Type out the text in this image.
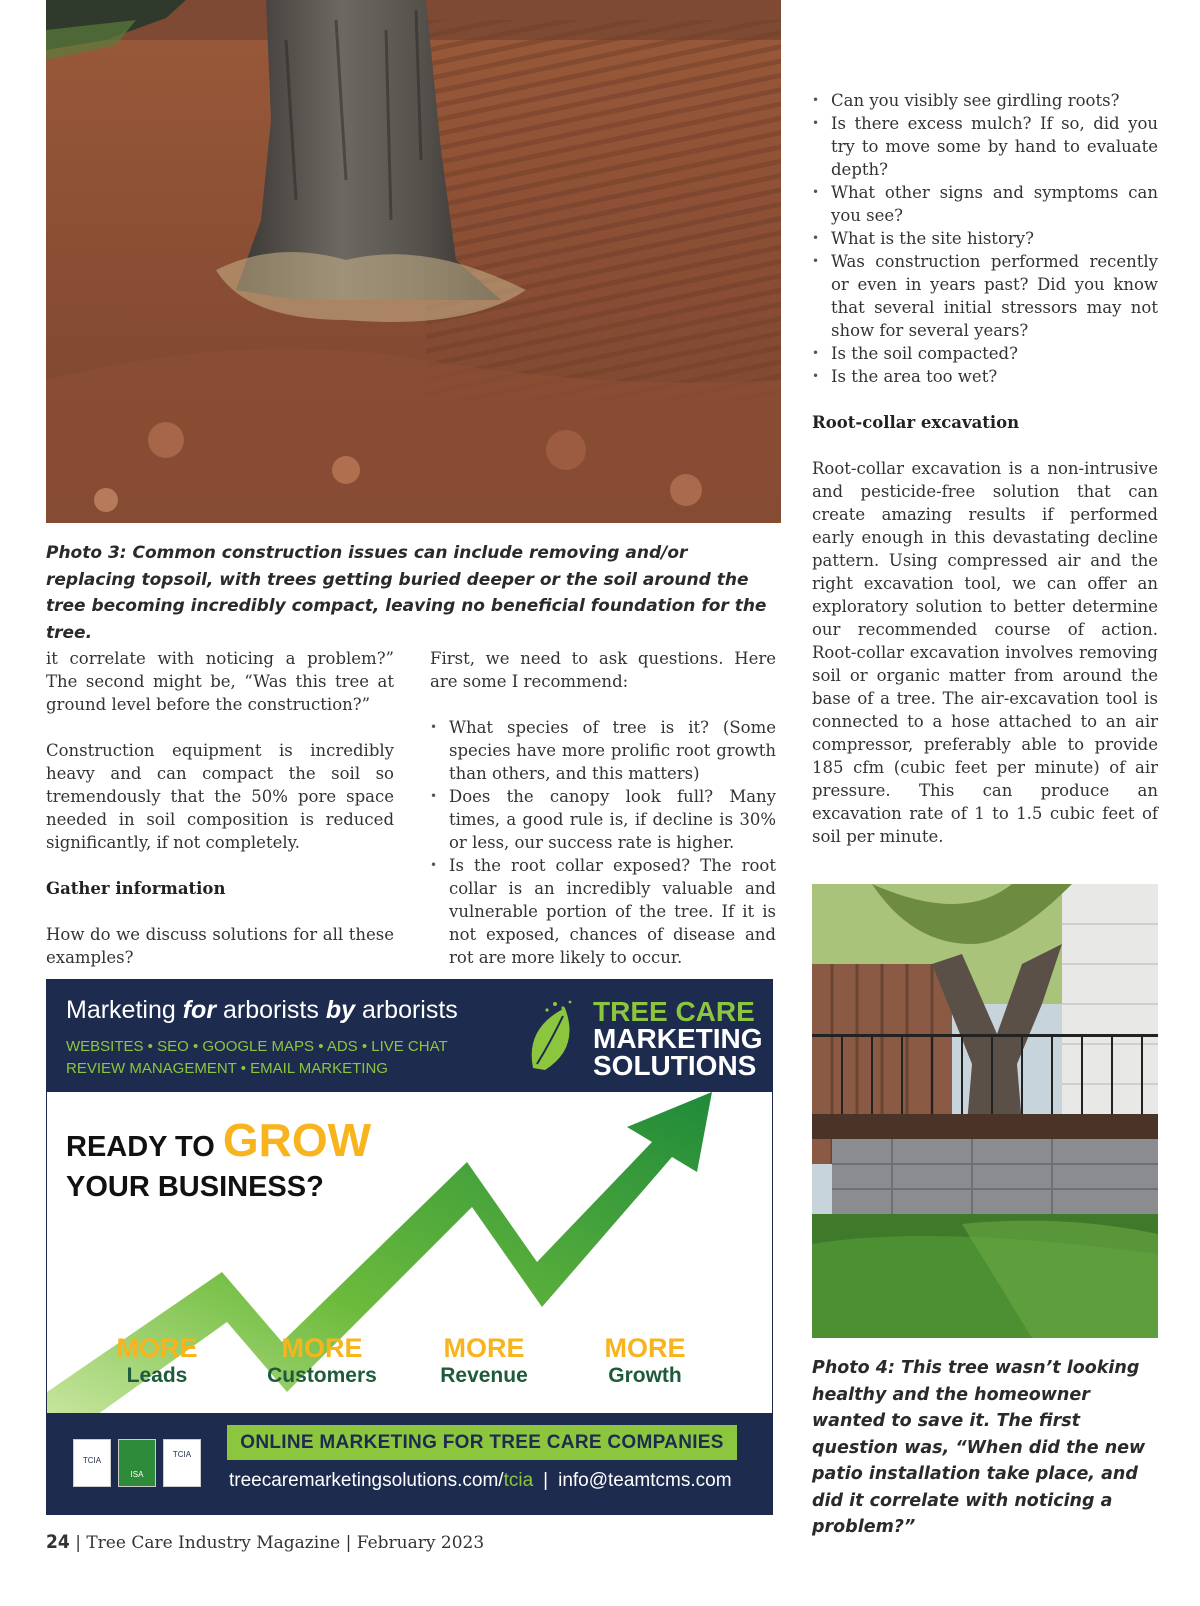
Photo 3: Common construction issues can include removing and/or replacing topsoil, with trees getting buried deeper or the soil around the tree becoming incredibly compact, leaving no beneficial foundation for the tree.

it correlate with noticing a problem?” The second might be, “Was this tree at ground level before the construction?”

Construction equipment is incredibly heavy and can compact the soil so tremendously that the 50% pore space needed in soil composition is reduced significantly, if not completely.

Gather information

How do we discuss solutions for all these examples?

First, we need to ask questions. Here are some I recommend:

• What species of tree is it? (Some species have more prolific root growth than others, and this matters)
• Does the canopy look full? Many times, a good rule is, if decline is 30% or less, our success rate is higher.
• Is the root collar exposed? The root collar is an incredibly valuable and vulnerable portion of the tree. If it is not exposed, chances of disease and rot are more likely to occur.
• Can you visibly see girdling roots?
• Is there excess mulch? If so, did you try to move some by hand to evaluate depth?
• What other signs and symptoms can you see?
• What is the site history?
• Was construction performed recently or even in years past? Did you know that several initial stressors may not show for several years?
• Is the soil compacted?
• Is the area too wet?
Root-collar excavation

Root-collar excavation is a non-intrusive and pesticide-free solution that can create amazing results if performed early enough in this devastating decline pattern. Using compressed air and the right excavation tool, we can offer an exploratory solution to better determine our recommended course of action. Root-collar excavation involves removing soil or organic matter from around the base of a tree. The air-excavation tool is connected to a hose attached to an air compressor, preferably able to provide 185 cfm (cubic feet per minute) of air pressure. This can produce an excavation rate of 1 to 1.5 cubic feet of soil per minute.

Photo 4: This tree wasn’t looking healthy and the homeowner wanted to save it. The first question was, “When did the new patio installation take place, and did it correlate with noticing a problem?”
Marketing for arborists by arborists
WEBSITES • SEO • GOOGLE MAPS • ADS • LIVE CHAT
REVIEW MANAGEMENT • EMAIL MARKETING
TREE CARE
MARKETING
SOLUTIONS
READY TO GROW
YOUR BUSINESS?
MORE
Leads
MORE
Customers
MORE
Revenue
MORE
Growth
TCIA
ISA
TCIA
ONLINE MARKETING FOR TREE CARE COMPANIES
treecaremarketingsolutions.com/tcia | info@teamtcms.com
24 | Tree Care Industry Magazine | February 2023
